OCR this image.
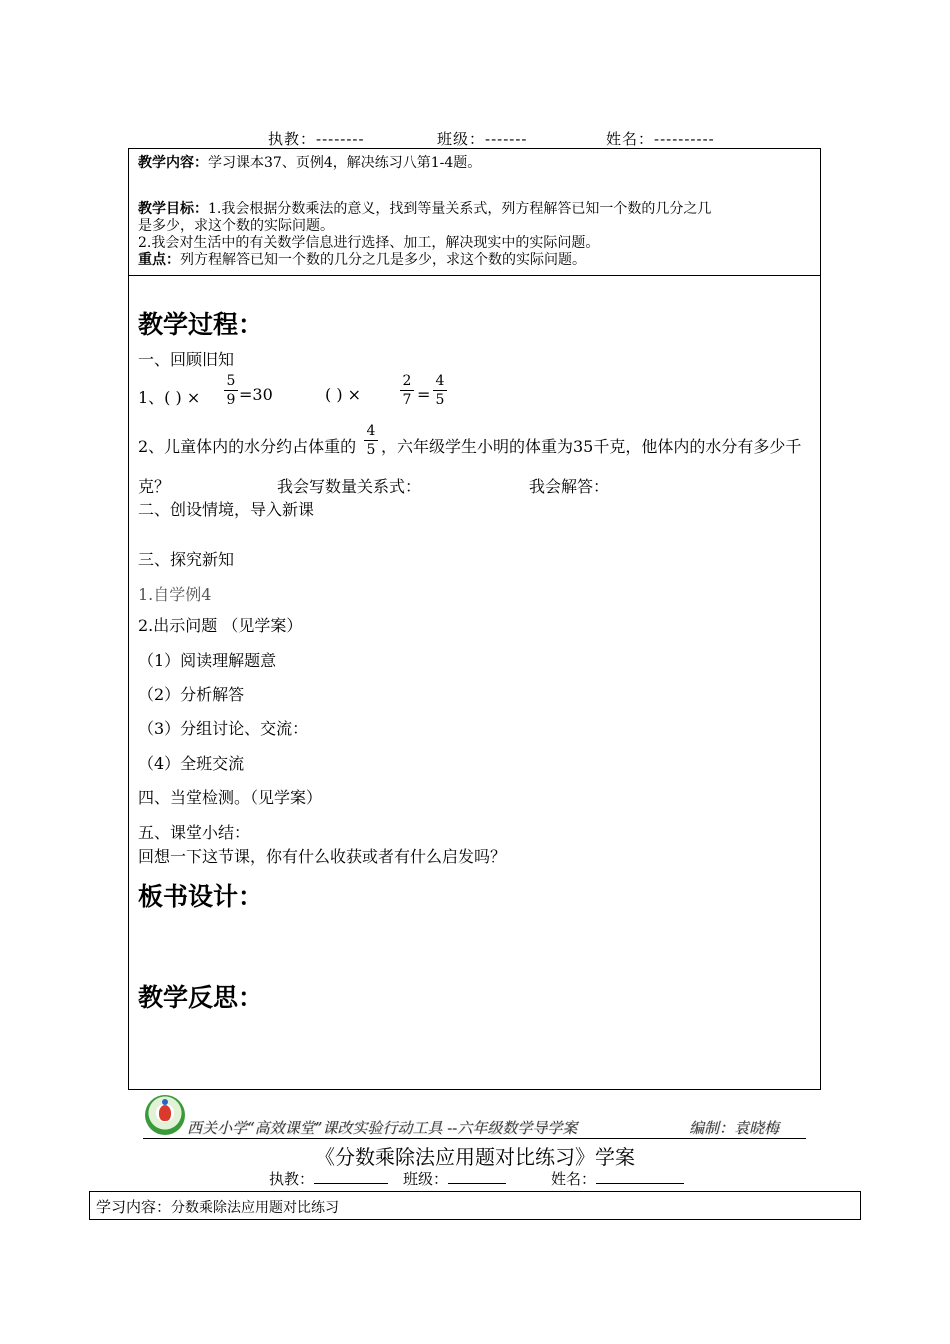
执教：--------	班级：-------	姓名：----------
教学内容：学习课本37、页例4，解决练习八第1-4题。
教学目标：1.我会根据分数乘法的意义，找到等量关系式，列方程解答已知一个数的几分之几
是多少，求这个数的实际问题。
2.我会对生活中的有关数学信息进行选择、加工，解决现实中的实际问题。
重点：列方程解答已知一个数的几分之几是多少，求这个数的实际问题。
教学过程：
一、回顾旧知
1、( ) ×
5
9 =30	( ) ×
2
7 =
4
5
2、儿童体内的水分约占体重的
4
5 ，六年级学生小明的体重为35千克，他体内的水分有多少千
克？	我会写数量关系式：	我会解答：
二、创设情境，导入新课
三、探究新知
1.自学例4
2.出示问题 （见学案）
（1）阅读理解题意
（2）分析解答
（3）分组讨论、交流：
（4）全班交流
四、当堂检测。（见学案）
五、课堂小结：
回想一下这节课，你有什么收获或者有什么启发吗？
板书设计：
教学反思：
西关小学“高效课堂”课改实验行动工具 --六年级数学导学案	编制：袁晓梅
《分数乘除法应用题对比练习》学案
执教：	班级：	姓名：
学习内容：分数乘除法应用题对比练习
